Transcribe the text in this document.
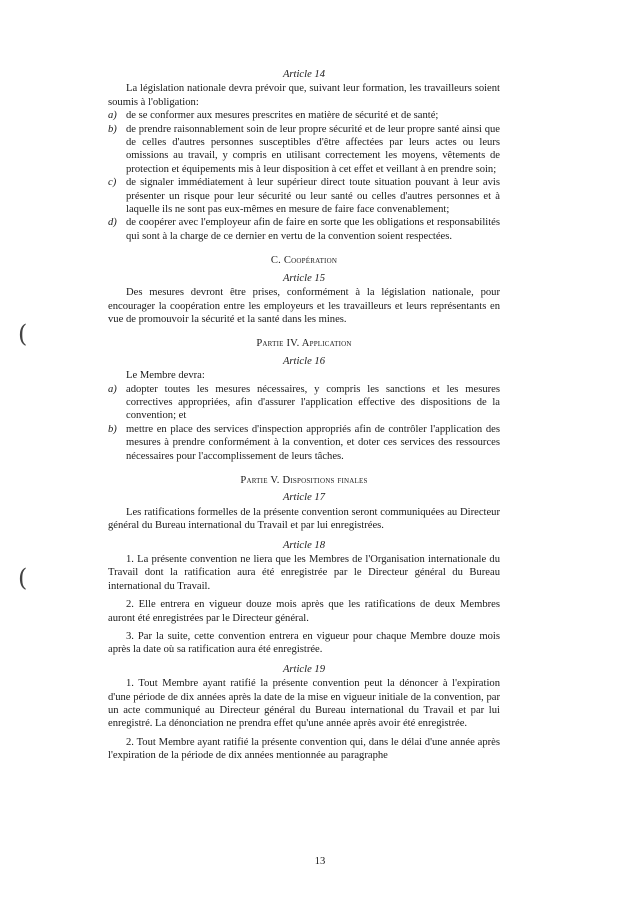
Article 14

La législation nationale devra prévoir que, suivant leur formation, les travailleurs soient soumis à l'obligation:

a) de se conformer aux mesures prescrites en matière de sécurité et de santé;
b) de prendre raisonnablement soin de leur propre sécurité et de leur propre santé ainsi que de celles d'autres personnes susceptibles d'être affectées par leurs actes ou leurs omissions au travail, y compris en utilisant correctement les moyens, vêtements de protection et équipements mis à leur disposition à cet effet et veillant à en prendre soin;
c) de signaler immédiatement à leur supérieur direct toute situation pouvant à leur avis présenter un risque pour leur sécurité ou leur santé ou celles d'autres personnes et à laquelle ils ne sont pas eux-mêmes en mesure de faire face convenablement;
d) de coopérer avec l'employeur afin de faire en sorte que les obligations et responsabilités qui sont à la charge de ce dernier en vertu de la convention soient respectées.
C. Coopération
Article 15

Des mesures devront être prises, conformément à la législation nationale, pour encourager la coopération entre les employeurs et les travailleurs et leurs représentants en vue de promouvoir la sécurité et la santé dans les mines.

Partie IV. Application
Article 16

Le Membre devra:

a) adopter toutes les mesures nécessaires, y compris les sanctions et les mesures correctives appropriées, afin d'assurer l'application effective des dispositions de la convention; et
b) mettre en place des services d'inspection appropriés afin de contrôler l'application des mesures à prendre conformément à la convention, et doter ces services des ressources nécessaires pour l'accomplissement de leurs tâches.
Partie V. Dispositions finales
Article 17

Les ratifications formelles de la présente convention seront communiquées au Directeur général du Bureau international du Travail et par lui enregistrées.

Article 18

1. La présente convention ne liera que les Membres de l'Organisation internationale du Travail dont la ratification aura été enregistrée par le Directeur général du Bureau international du Travail.

2. Elle entrera en vigueur douze mois après que les ratifications de deux Membres auront été enregistrées par le Directeur général.

3. Par la suite, cette convention entrera en vigueur pour chaque Membre douze mois après la date où sa ratification aura été enregistrée.

Article 19

1. Tout Membre ayant ratifié la présente convention peut la dénoncer à l'expiration d'une période de dix années après la date de la mise en vigueur initiale de la convention, par un acte communiqué au Directeur général du Bureau international du Travail et par lui enregistré. La dénonciation ne prendra effet qu'une année après avoir été enregistrée.

2. Tout Membre ayant ratifié la présente convention qui, dans le délai d'une année après l'expiration de la période de dix années mentionnée au paragraphe

(
(
13
